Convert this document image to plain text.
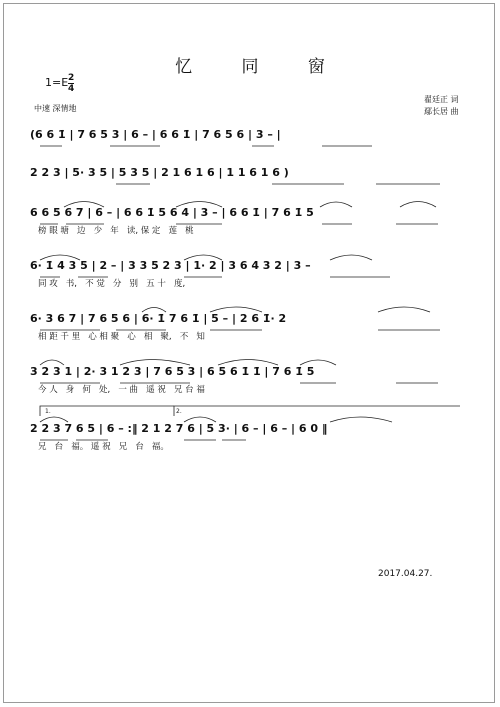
忆 同 窗
$1=E \frac{2}{4}$
中速 深情地
翟廷正 词
鄢长居 曲
(6 6 1̇ | 7 6 5 3 | 6 – | 6 6 1̇ | 7 6 5 6 | 3 – |
2 2 3 | 5· 3 5 | 5 3 5 | 2 1 6 1 6 | 1 1 6 1 6 )
6 6 5 6 7 | 6 – | 6 6 1̇ 5 6 4 | 3 – | 6 6 1̇ | 7 6 1̇ 5
榜 眼 塘   边   少   年   读, 保 定   莲   桃
6· 1̇ 4 3 5 | 2 – | 3 3 5 2 3 | 1· 2 | 3 6 4 3 2 | 3 –
同 攻   书,   不 觉   分   别   五 十   度,
6· 3 6 7 | 7 6 5 6 | 6· 1̇ 7 6 1̇ | 5 – | 2 6 1̇· 2
相 距 千 里   心 相 聚   心   相   聚,   不   知
3 2 3 1 | 2· 3 1 2 3 | 7 6 5 3 | 6 5 6 1̇ 1̇ | 7 6 1̇ 5
今 人   身   何   处,   一 曲   遥 祝   兄 台 福
2 2 3 7 6 5 | 6 – :‖ 2 1 2 7 6 | 5 3· | 6 – | 6 – | 6 0 ‖
兄   台   福。 遥 祝   兄   台   福。
1.	2.
2017.04.27.
